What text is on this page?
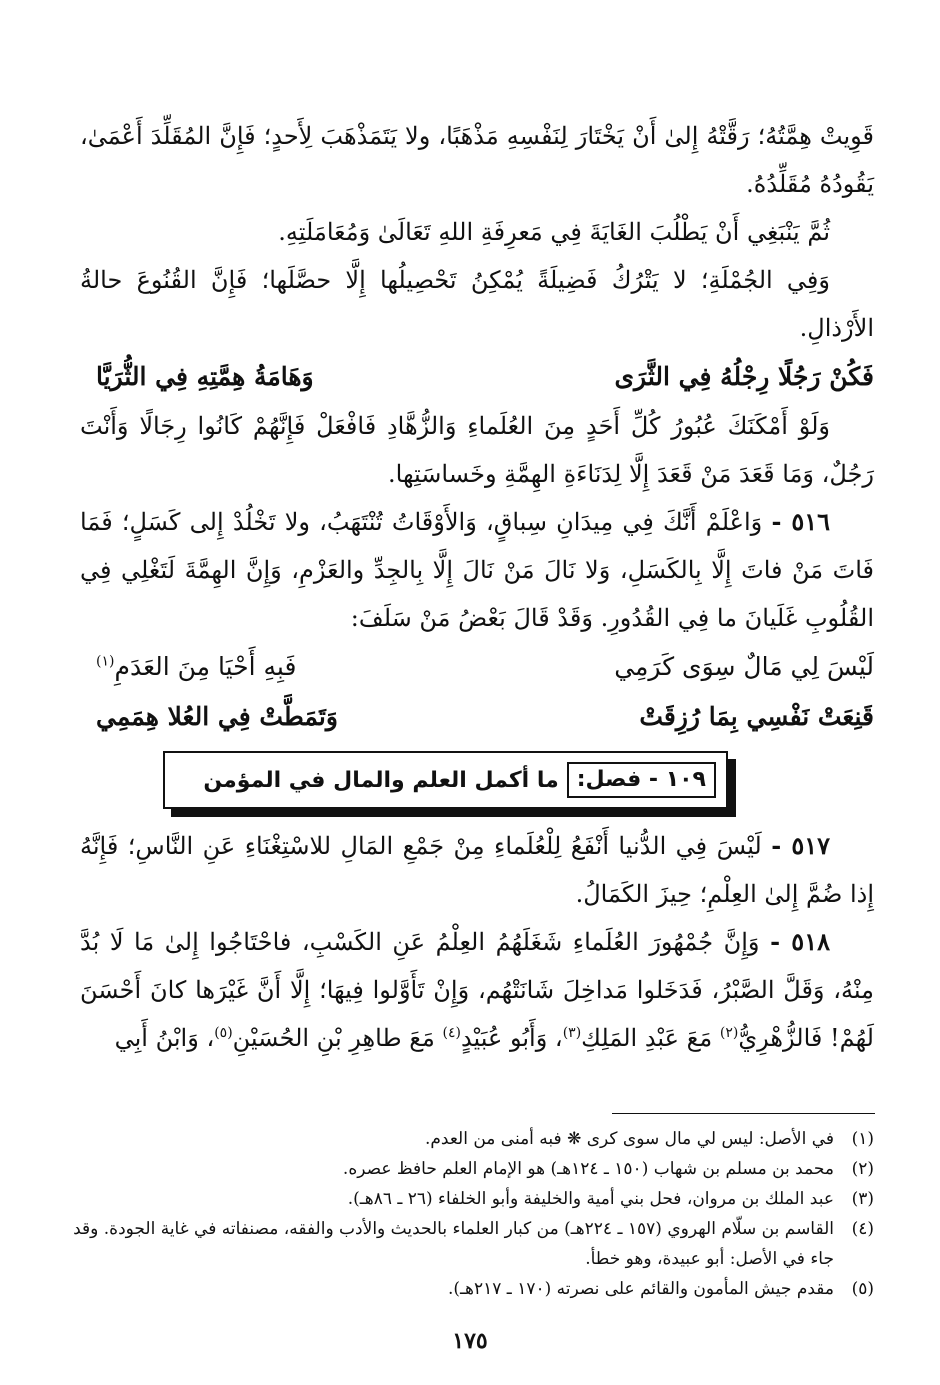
قَوِيتْ هِمَّتُهُ؛ رَقَّتْهُ إِلىٰ أَنْ يَخْتَارَ لِنَفْسِهِ مَذْهَبًا، ولا يَتَمَذْهَبَ لِأَحدٍ؛ فَإِنَّ المُقَلِّدَ أَعْمَىٰ، يَقُودُهُ مُقَلِّدُهُ.

ثُمَّ يَنْبَغِي أَنْ يَطْلُبَ الغَايَةَ فِي مَعرِفَةِ اللهِ تَعَالَىٰ وَمُعَامَلَتِهِ.

وَفِي الجُمْلَةِ؛ لا يَتْرُكُ فَضِيلَةً يُمْكِنُ تَحْصِيلُها إِلَّا حصَّلَها؛ فَإِنَّ القُنُوعَ حالةُ الأَرْذالِ.

فَكُنْ رَجُلًا رِجْلُهُ فِي الثَّرَى
وَهَامَةُ هِمَّتِهِ فِي الثُّرَيَّا

وَلَوْ أَمْكَنَكَ عُبُورُ كُلِّ أَحَدٍ مِنَ العُلَماءِ وَالزُّهَّادِ فَافْعَلْ فَإِنَّهُمْ كَانُوا رِجَالًا وَأَنْتَ رَجُلٌ، وَمَا قَعَدَ مَنْ قَعَدَ إِلَّا لِدَنَاءَةِ الهِمَّةِ وخَساسَتِها.

٥١٦ - وَاعْلَمْ أَنَّكَ فِي مِيدَانِ سِباقٍ، وَالأَوْقَاتُ تُنْتَهَبُ، ولا تَخْلُدْ إِلى كَسَلٍ؛ فَمَا فَاتَ مَنْ فاتَ إِلَّا بِالكَسَلِ، وَلا نَالَ مَنْ نَالَ إِلَّا بِالجِدِّ والعَزْمِ، وَإِنَّ الهِمَّةَ لَتَغْلِي فِي القُلُوبِ غَلَيانَ ما فِي القُدُورِ. وَقَدْ قَالَ بَعْضُ مَنْ سَلَفَ:

لَيْسَ لِي مَالٌ سِوَى كَرَمِي
فَبِهِ أَحْيَا مِنَ العَدَمِ$^{(١)}$
قَنِعَتْ نَفْسِي بِمَا رُزِقَتْ
وَتَمَطَّتْ فِي العُلا هِمَمِي
١٠٩ - فصل:
ما أكمل العلم والمال في المؤمن

٥١٧ - لَيْسَ فِي الدُّنيا أَنْفَعُ لِلْعُلَماءِ مِنْ جَمْعِ المَالِ للاسْتِغْنَاءِ عَنِ النَّاسِ؛ فَإِنَّهُ إِذا ضُمَّ إِلىٰ العِلْمِ؛ حِيزَ الكَمَالُ.

٥١٨ - وَإِنَّ جُمْهُورَ العُلَماءِ شَغَلَهُمُ العِلْمُ عَنِ الكَسْبِ، فاحْتَاجُوا إِلىٰ مَا لَا بُدَّ مِنْهُ، وَقَلَّ الصَّبْرُ، فَدَخَلوا مَداخِلَ شَانَتْهُم، وَإِنْ تَأَوَّلوا فِيهَا؛ إِلَّا أَنَّ غَيْرَها كانَ أَحْسَنَ لَهُمْ! فَالزُّهْرِيُّ$^{(٢)}$ مَعَ عَبْدِ المَلِكِ$^{(٣)}$، وَأَبُو عُبَيْدٍ$^{(٤)}$ مَعَ طاهِرِ بْنِ الحُسَيْنِ$^{(٥)}$، وَابْنُ أَبِي

(١)
في الأصل: ليس لي مال سوى كرى ❋ فبه أمنى من العدم.

(٢)
محمد بن مسلم بن شهاب (١٥٠ ـ ١٢٤هـ) هو الإمام العلم حافظ عصره.

(٣)
عبد الملك بن مروان، فحل بني أمية والخليفة وأبو الخلفاء (٢٦ ـ ٨٦هـ).

(٤)
القاسم بن سلّام الهروي (١٥٧ ـ ٢٢٤هـ) من كبار العلماء بالحديث والأدب والفقه، مصنفاته في غاية الجودة. وقد جاء في الأصل: أبو عبيدة، وهو خطأ.

(٥)
مقدم جيش المأمون والقائم على نصرته (١٧٠ ـ ٢١٧هـ).

١٧٥
